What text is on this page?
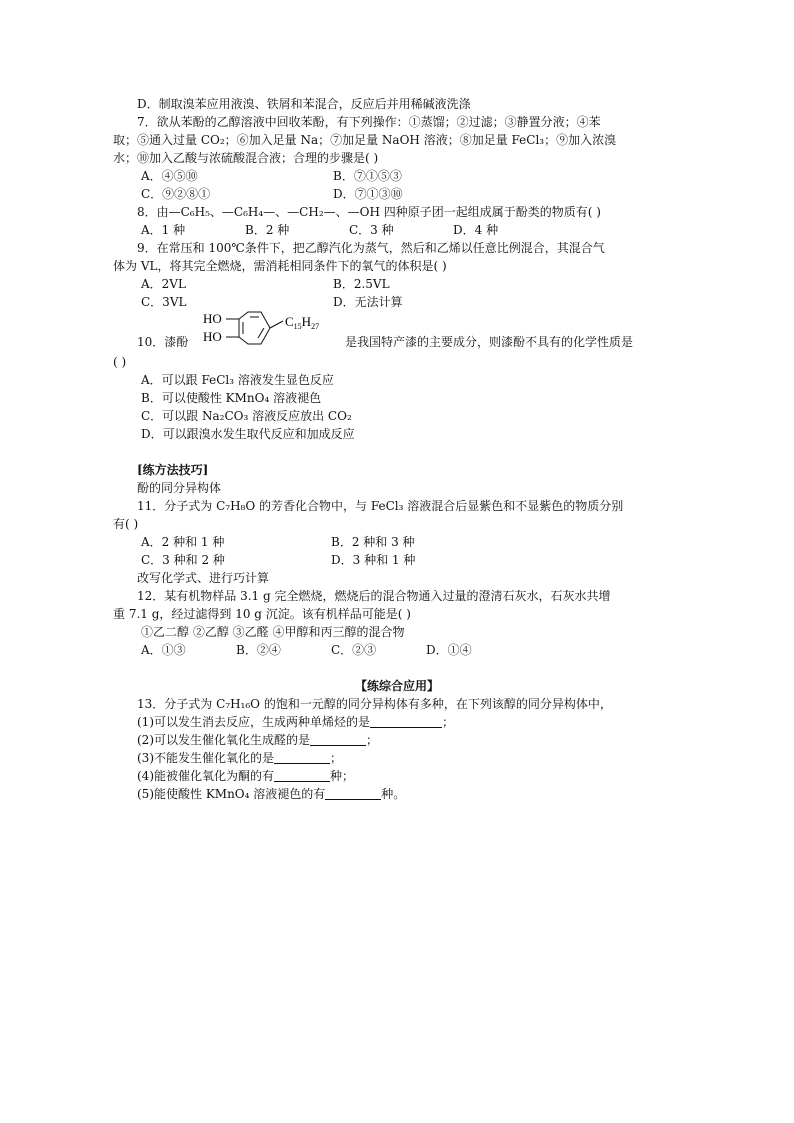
D．制取溴苯应用液溴、铁屑和苯混合，反应后并用稀碱液洗涤
7．欲从苯酚的乙醇溶液中回收苯酚，有下列操作：①蒸馏；②过滤；③静置分液；④苯
取；⑤通入过量 CO₂；⑥加入足量 Na；⑦加足量 NaOH 溶液；⑧加足量 FeCl₃；⑨加入浓溴
水；⑩加入乙酸与浓硫酸混合液；合理的步骤是( )
A．④⑤⑩	B．⑦①⑤③
C．⑨②⑧①	D．⑦①③⑩
8．由—C₆H₅、—C₆H₄—、—CH₂—、—OH 四种原子团一起组成属于酚类的物质有( )
A．1 种	B．2 种	C．3 种	D．4 种
9．在常压和 100℃条件下，把乙醇汽化为蒸气，然后和乙烯以任意比例混合，其混合气
体为 VL，将其完全燃烧，需消耗相同条件下的氧气的体积是( )
A．2VL	B．2.5VL
C．3VL	D．无法计算
10．漆酚
HO
HO
$C_{15}H_{27}$
是我国特产漆的主要成分，则漆酚不具有的化学性质是
( )
A．可以跟 FeCl₃ 溶液发生显色反应
B．可以使酸性 KMnO₄ 溶液褪色
C．可以跟 Na₂CO₃ 溶液反应放出 CO₂
D．可以跟溴水发生取代反应和加成反应
[练方法技巧]
酚的同分异构体
11．分子式为 C₇H₈O 的芳香化合物中，与 FeCl₃ 溶液混合后显紫色和不显紫色的物质分别
有( )
A．2 种和 1 种	B．2 种和 3 种
C．3 种和 2 种	D．3 种和 1 种
改写化学式、进行巧计算
12．某有机物样品 3.1 g 完全燃烧，燃烧后的混合物通入过量的澄清石灰水，石灰水共增
重 7.1 g，经过滤得到 10 g 沉淀。该有机样品可能是( )
①乙二醇 ②乙醇 ③乙醛 ④甲醇和丙三醇的混合物
A．①③	B．②④	C．②③	D．①④
【练综合应用】
13．分子式为 C₇H₁₆O 的饱和一元醇的同分异构体有多种，在下列该醇的同分异构体中，
(1)可以发生消去反应，生成两种单烯烃的是	；
(2)可以发生催化氧化生成醛的是	；
(3)不能发生催化氧化的是	；
(4)能被催化氧化为酮的有	种；
(5)能使酸性 KMnO₄ 溶液褪色的有	种。
